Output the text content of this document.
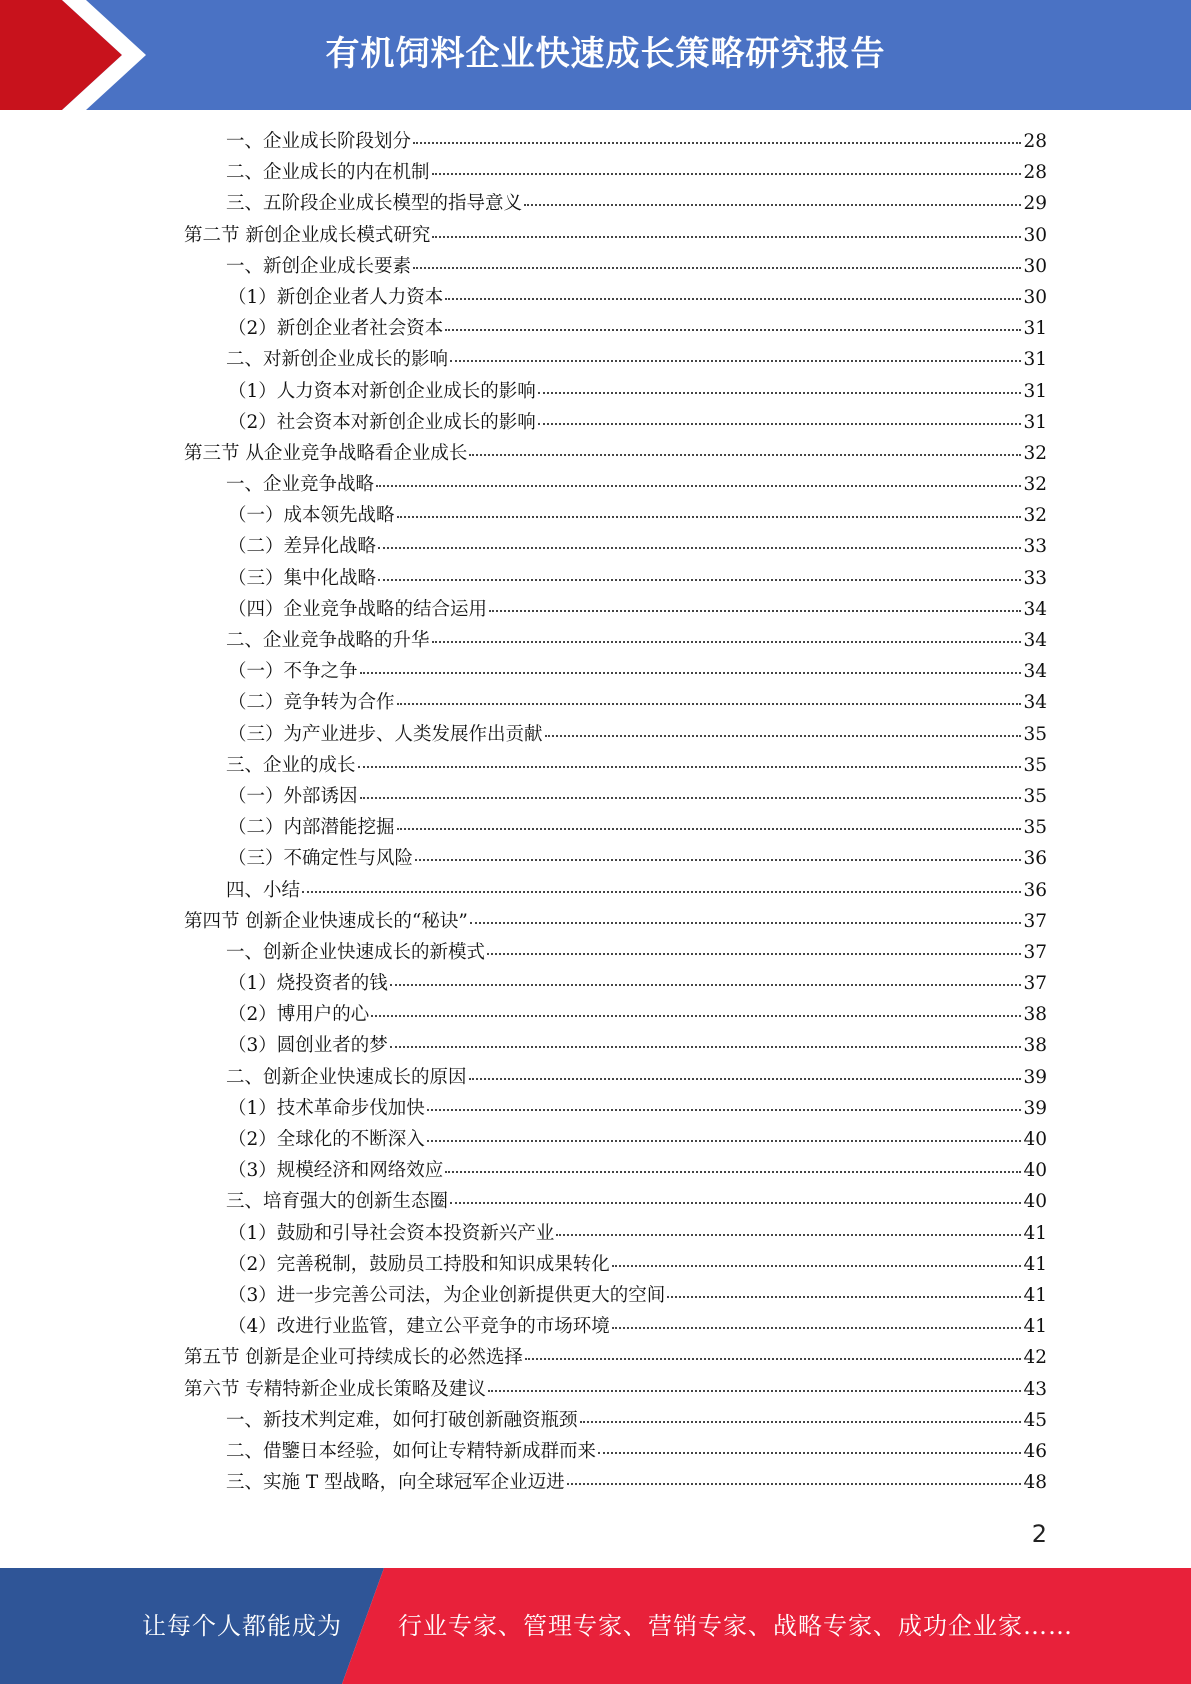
有机饲料企业快速成长策略研究报告
一、企业成长阶段划分	28
二、企业成长的内在机制	28
三、五阶段企业成长模型的指导意义	29
第二节 新创企业成长模式研究	30
一、新创企业成长要素	30
（1）新创企业者人力资本	30
（2）新创企业者社会资本	31
二、对新创企业成长的影响	31
（1）人力资本对新创企业成长的影响	31
（2）社会资本对新创企业成长的影响	31
第三节 从企业竞争战略看企业成长	32
一、企业竞争战略	32
（一）成本领先战略	32
（二）差异化战略	33
（三）集中化战略	33
（四）企业竞争战略的结合运用	34
二、企业竞争战略的升华	34
（一）不争之争	34
（二）竞争转为合作	34
（三）为产业进步、人类发展作出贡献	35
三、企业的成长	35
（一）外部诱因	35
（二）内部潜能挖掘	35
（三）不确定性与风险	36
四、小结	36
第四节 创新企业快速成长的“秘诀”	37
一、创新企业快速成长的新模式	37
（1）烧投资者的钱	37
（2）博用户的心	38
（3）圆创业者的梦	38
二、创新企业快速成长的原因	39
（1）技术革命步伐加快	39
（2）全球化的不断深入	40
（3）规模经济和网络效应	40
三、培育强大的创新生态圈	40
（1）鼓励和引导社会资本投资新兴产业	41
（2）完善税制，鼓励员工持股和知识成果转化	41
（3）进一步完善公司法，为企业创新提供更大的空间	41
（4）改进行业监管，建立公平竞争的市场环境	41
第五节 创新是企业可持续成长的必然选择	42
第六节 专精特新企业成长策略及建议	43
一、新技术判定难，如何打破创新融资瓶颈	45
二、借鑒日本经验，如何让专精特新成群而来	46
三、实施 T 型战略，向全球冠军企业迈进	48
2
让每个人都能成为 行业专家、管理专家、营销专家、战略专家、成功企业家……
